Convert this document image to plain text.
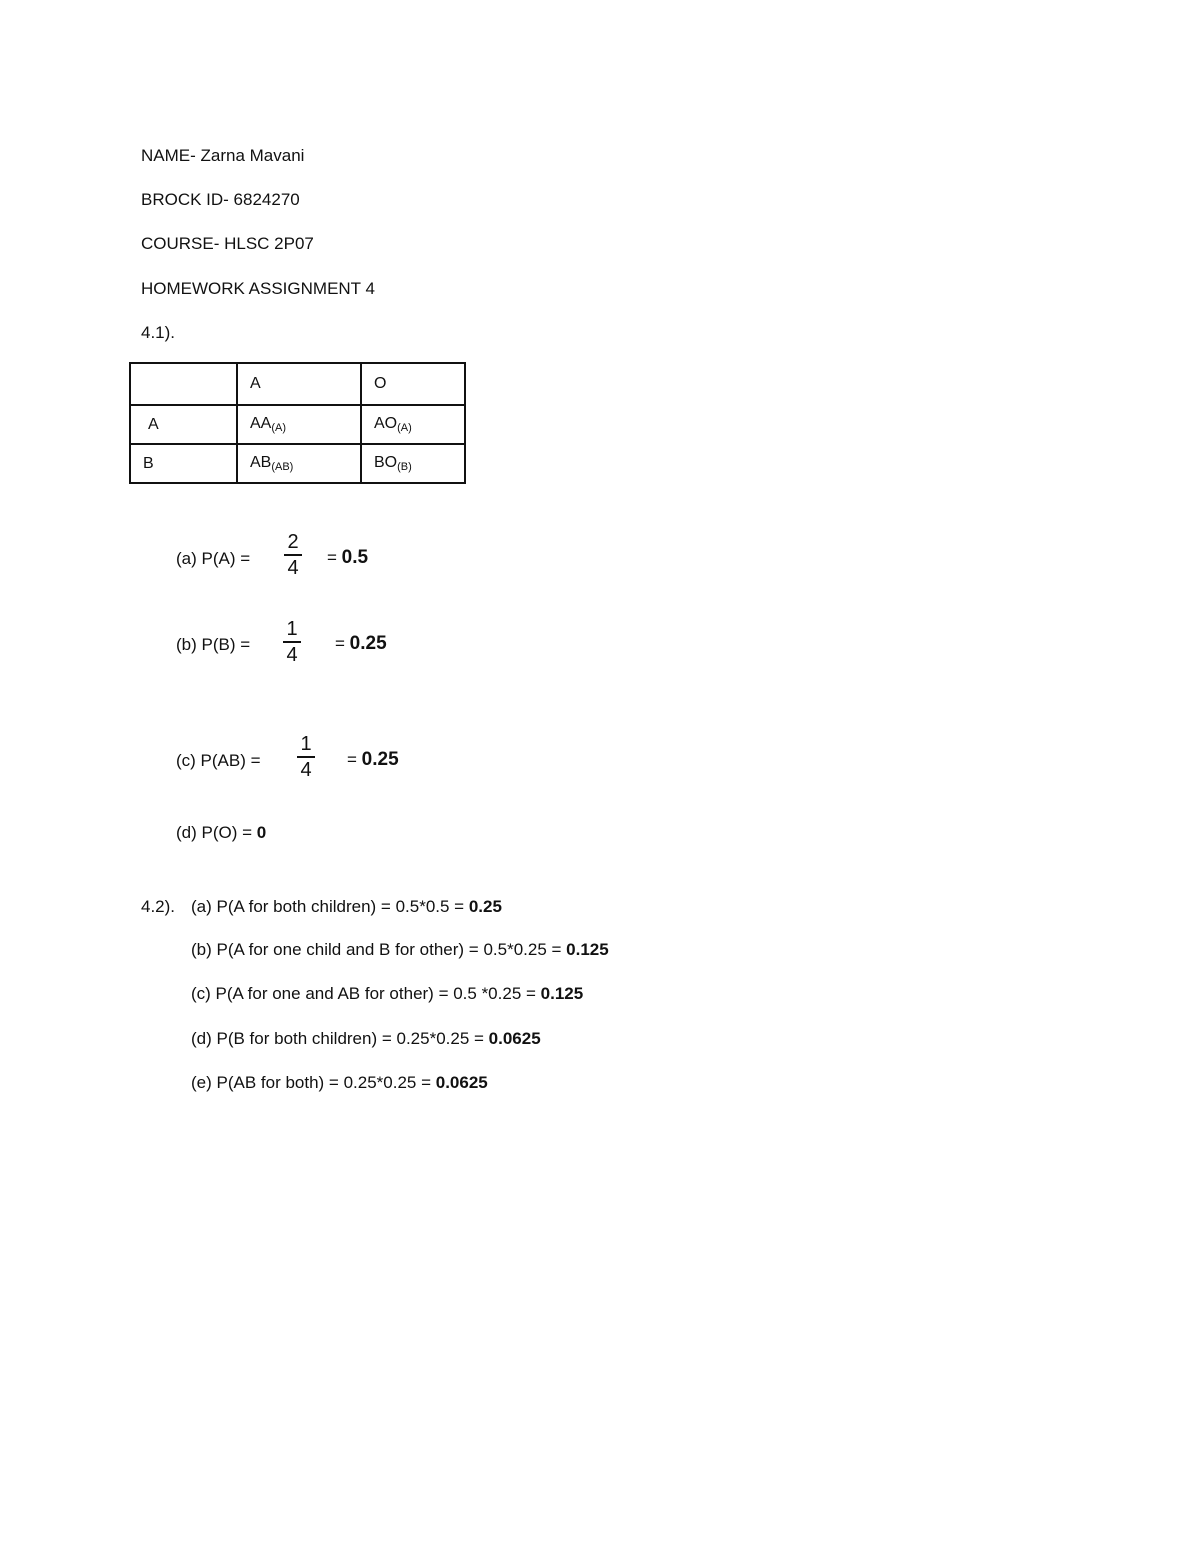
NAME- Zarna Mavani
BROCK ID- 6824270
COURSE- HLSC 2P07
HOMEWORK ASSIGNMENT 4
4.1).
	A	O
A	$AA_{(A)}$	$AO_{(A)}$
B	$AB_{(AB)}$	$BO_{(B)}$
(a) P(A) =
2
4 = 0.5
(b) P(B) =
1
4
= 0.25
(c) P(AB) =
1
4 = 0.25
(d) P(O) = 0
4.2). (a) P(A for both children) = 0.5*0.5 = 0.25
(b) P(A for one child and B for other) = 0.5*0.25 = 0.125
(c) P(A for one and AB for other) = 0.5 *0.25 = 0.125
(d) P(B for both children) = 0.25*0.25 = 0.0625
(e) P(AB for both) = 0.25*0.25 = 0.0625
